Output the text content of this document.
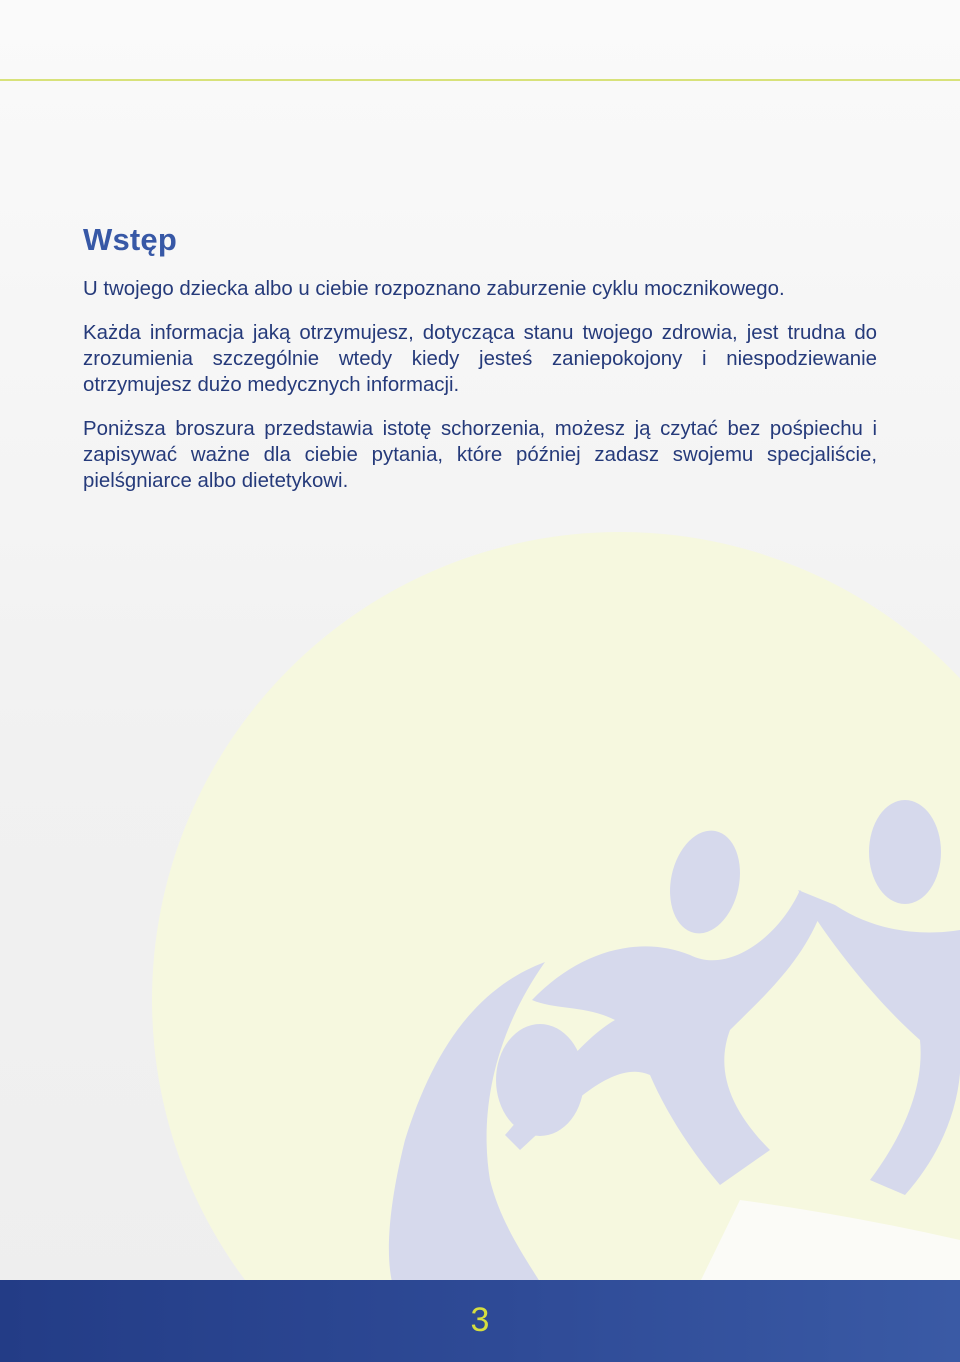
Wstęp

U twojego dziecka albo u ciebie rozpoznano zaburzenie cyklu mocznikowego.

Każda informacja jaką otrzymujesz, dotycząca stanu twojego zdrowia, jest trudna do zrozumienia szczególnie wtedy kiedy jesteś zaniepokojony i niespodziewanie otrzymujesz dużo medycznych informacji.

Poniższa broszura przedstawia istotę schorzenia, możesz ją czytać bez pośpiechu i zapisywać ważne dla ciebie pytania, które później zadasz swojemu specjaliście, pielśgniarce albo dietetykowi.

3
